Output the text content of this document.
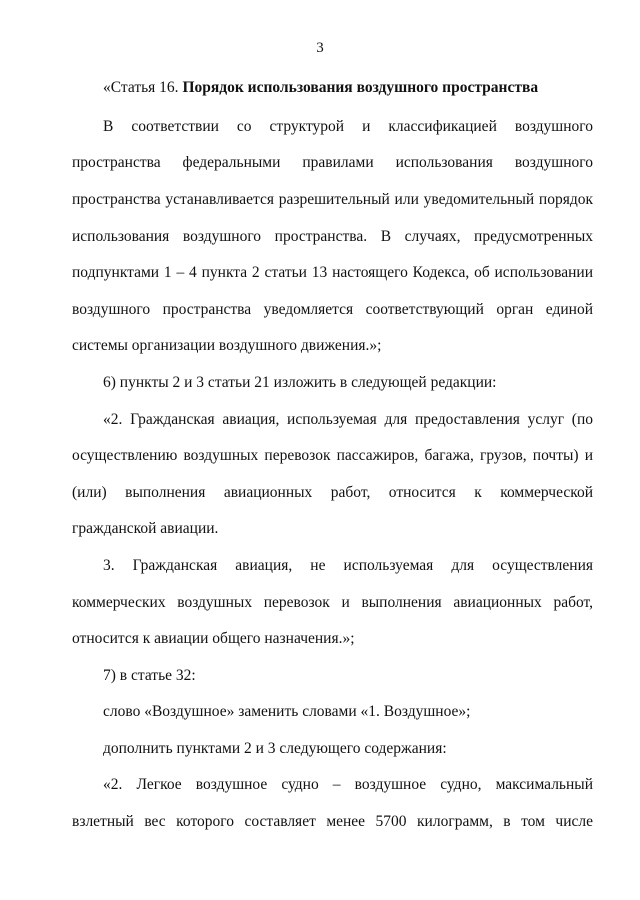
3
«Статья 16. Порядок использования воздушного пространства
В соответствии со структурой и классификацией воздушного
пространства федеральными правилами использования воздушного
пространства устанавливается разрешительный или уведомительный порядок
использования воздушного пространства. В случаях, предусмотренных
подпунктами 1 – 4 пункта 2 статьи 13 настоящего Кодекса, об использовании
воздушного пространства уведомляется соответствующий орган единой
системы организации воздушного движения.»;
6) пункты 2 и 3 статьи 21 изложить в следующей редакции:
«2. Гражданская авиация, используемая для предоставления услуг (по
осуществлению воздушных перевозок пассажиров, багажа, грузов, почты) и
(или) выполнения авиационных работ, относится к коммерческой
гражданской авиации.
3. Гражданская авиация, не используемая для осуществления
коммерческих воздушных перевозок и выполнения авиационных работ,
относится к авиации общего назначения.»;
7) в статье 32:
слово «Воздушное» заменить словами «1. Воздушное»;
дополнить пунктами 2 и 3 следующего содержания:
«2. Легкое воздушное судно – воздушное судно, максимальный
взлетный вес которого составляет менее 5700 килограмм, в том числе
